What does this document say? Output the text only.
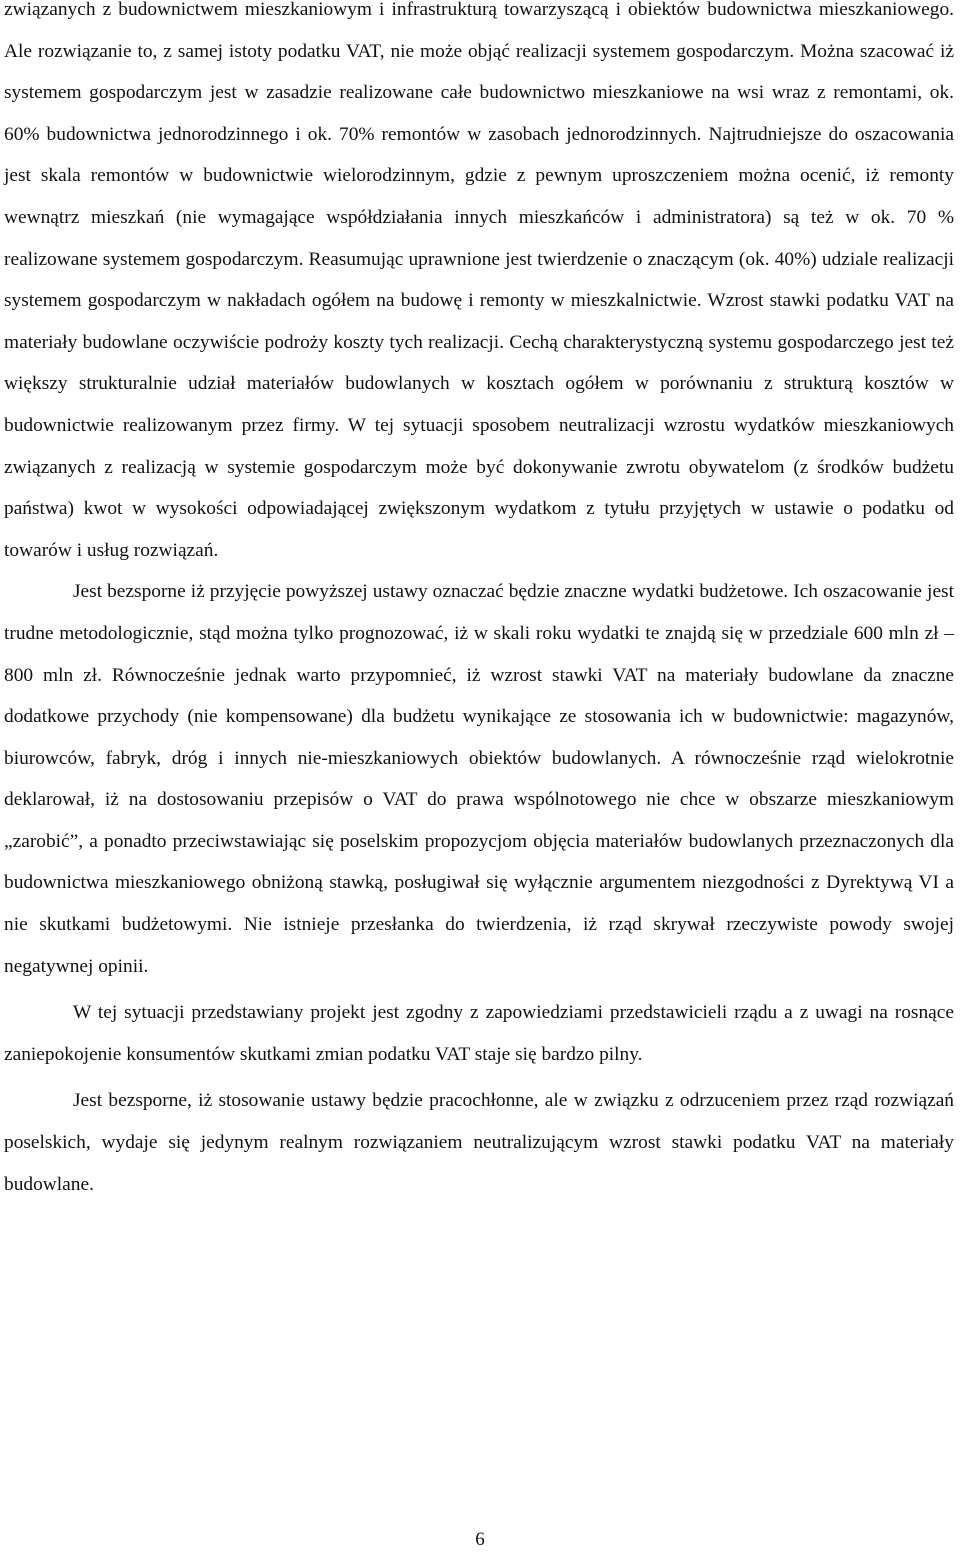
związanych z budownictwem mieszkaniowym i infrastrukturą towarzyszącą i obiektów budownictwa mieszkaniowego. Ale rozwiązanie to, z samej istoty podatku VAT, nie może objąć realizacji systemem gospodarczym. Można szacować iż systemem gospodarczym jest w zasadzie realizowane całe budownictwo mieszkaniowe na wsi wraz z remontami, ok. 60% budownictwa jednorodzinnego i ok. 70% remontów w zasobach jednorodzinnych. Najtrudniejsze do oszacowania jest skala remontów w budownictwie wielorodzinnym, gdzie z pewnym uproszczeniem można ocenić, iż remonty wewnątrz mieszkań (nie wymagające współdziałania innych mieszkańców i administratora) są też w ok. 70 % realizowane systemem gospodarczym. Reasumując uprawnione jest twierdzenie o znaczącym (ok. 40%) udziale realizacji systemem gospodarczym w nakładach ogółem na budowę i remonty w mieszkalnictwie. Wzrost stawki podatku VAT na materiały budowlane oczywiście podroży koszty tych realizacji. Cechą charakterystyczną systemu gospodarczego jest też większy strukturalnie udział materiałów budowlanych w kosztach ogółem w porównaniu z strukturą kosztów w budownictwie realizowanym przez firmy. W tej sytuacji sposobem neutralizacji wzrostu wydatków mieszkaniowych związanych z realizacją w systemie gospodarczym może być dokonywanie zwrotu obywatelom (z środków budżetu państwa) kwot w wysokości odpowiadającej zwiększonym wydatkom z tytułu przyjętych w ustawie o podatku od towarów i usług rozwiązań.

Jest bezsporne iż przyjęcie powyższej ustawy oznaczać będzie znaczne wydatki budżetowe. Ich oszacowanie jest trudne metodologicznie, stąd można tylko prognozować, iż w skali roku wydatki te znajdą się w przedziale 600 mln zł – 800 mln zł. Równocześnie jednak warto przypomnieć, iż wzrost stawki VAT na materiały budowlane da znaczne dodatkowe przychody (nie kompensowane) dla budżetu wynikające ze stosowania ich w budownictwie: magazynów, biurowców, fabryk, dróg i innych nie-mieszkaniowych obiektów budowlanych. A równocześnie rząd wielokrotnie deklarował, iż na dostosowaniu przepisów o VAT do prawa wspólnotowego nie chce w obszarze mieszkaniowym „zarobić”, a ponadto przeciwstawiając się poselskim propozycjom objęcia materiałów budowlanych przeznaczonych dla budownictwa mieszkaniowego obniżoną stawką, posługiwał się wyłącznie argumentem niezgodności z Dyrektywą VI a nie skutkami budżetowymi. Nie istnieje przesłanka do twierdzenia, iż rząd skrywał rzeczywiste powody swojej negatywnej opinii.

W tej sytuacji przedstawiany projekt jest zgodny z zapowiedziami przedstawicieli rządu a z uwagi na rosnące zaniepokojenie konsumentów skutkami zmian podatku VAT staje się bardzo pilny.

Jest bezsporne, iż stosowanie ustawy będzie pracochłonne, ale w związku z odrzuceniem przez rząd rozwiązań poselskich, wydaje się jedynym realnym rozwiązaniem neutralizującym wzrost stawki podatku VAT na materiały budowlane.

6
